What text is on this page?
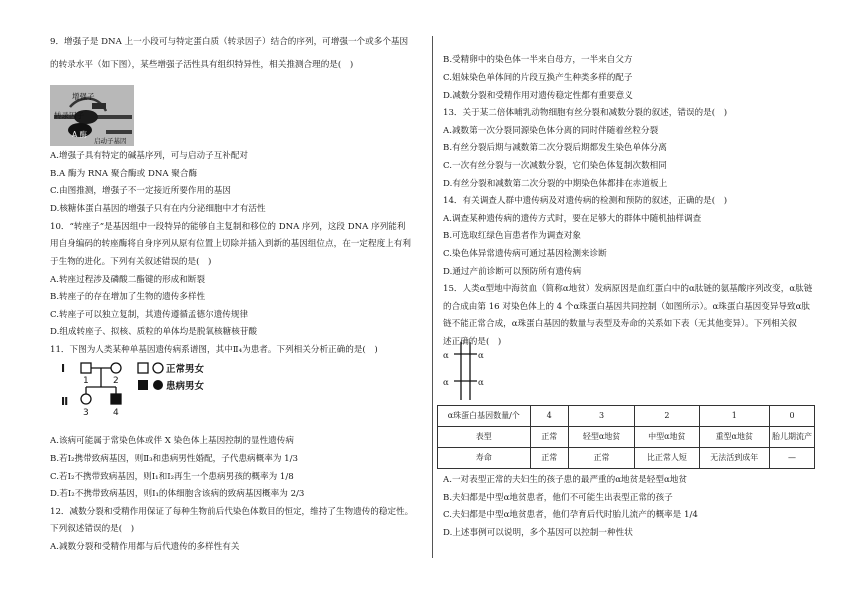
9．增强子是 DNA 上一小段可与特定蛋白质（转录因子）结合的序列，可增强一个或多个基因
的转录水平（如下图），某些增强子活性具有组织特异性，相关推测合理的是(　)
增强子
转录因子
A 酶
启动子基因
A.增强子具有特定的碱基序列，可与启动子互补配对
B.A 酶为 RNA 聚合酶或 DNA 聚合酶
C.由图推测，增强子不一定接近所要作用的基因
D.核糖体蛋白基因的增强子只有在内分泌细胞中才有活性
10．“转座子”是基因组中一段特异的能够自主复制和移位的 DNA 序列，这段 DNA 序列能利
用自身编码的转座酶将自身序列从原有位置上切除并插入到新的基因组位点，在一定程度上有利
于生物的进化。下列有关叙述错误的是(　)
A.转座过程涉及磷酸二酯键的形成和断裂
B.转座子的存在增加了生物的遗传多样性
C.转座子可以独立复制，其遗传遵循孟德尔遗传规律
D.组成转座子、拟核、质粒的单体均是脱氧核糖核苷酸
11．下图为人类某种单基因遗传病系谱图，其中Ⅱ₄为患者。下列相关分析正确的是(　)
Ⅰ
Ⅱ
1	2
3	4
正常男女
患病男女
A.该病可能属于常染色体或伴 X 染色体上基因控制的显性遗传病
B.若Ⅰ₂携带致病基因，则Ⅱ₃和患病男性婚配，子代患病概率为 1/3
C.若Ⅰ₂不携带致病基因，则Ⅰ₁和Ⅰ₂再生一个患病男孩的概率为 1/8
D.若Ⅰ₂不携带致病基因，则Ⅰ₁的体细胞含该病的致病基因概率为 2/3
12．减数分裂和受精作用保证了每种生物前后代染色体数目的恒定，维持了生物遗传的稳定性。
下列叙述错误的是(　)
A.减数分裂和受精作用都与后代遗传的多样性有关
B.受精卵中的染色体一半来自母方，一半来自父方
C.姐妹染色单体间的片段互换产生种类多样的配子
D.减数分裂和受精作用对遗传稳定性都有重要意义
13．关于某二倍体哺乳动物细胞有丝分裂和减数分裂的叙述，错误的是(　)
A.减数第一次分裂同源染色体分离的同时伴随着丝粒分裂
B.有丝分裂后期与减数第二次分裂后期都发生染色单体分离
C.一次有丝分裂与一次减数分裂，它们染色体复制次数相同
D.有丝分裂和减数第二次分裂的中期染色体都排在赤道板上
14．有关调查人群中遗传病及对遗传病的检测和预防的叙述，正确的是(　)
A.调查某种遗传病的遗传方式时，要在足够大的群体中随机抽样调查
B.可选取红绿色盲患者作为调查对象
C.染色体异常遗传病可通过基因检测来诊断
D.通过产前诊断可以预防所有遗传病
15．人类α型地中海贫血（简称α地贫）发病原因是血红蛋白中的α肽链的氨基酸序列改变，α肽链
的合成由第 16 对染色体上的 4 个α珠蛋白基因共同控制（如图所示）。α珠蛋白基因变异导致α肽
链不能正常合成，α珠蛋白基因的数量与表型及寿命的关系如下表（无其他变异）。下列相关叙
述正确的是(　)
α
α
α
α
α珠蛋白基因数量/个	4	3	2	1	0
表型	正常	轻型α地贫	中型α地贫	重型α地贫	胎儿期流产
寿命	正常	正常	比正常人短	无法活到成年	—
A.一对表型正常的夫妇生的孩子患的最严重的α地贫是轻型α地贫
B.夫妇都是中型α地贫患者，他们不可能生出表型正常的孩子
C.夫妇都是中型α地贫患者，他们孕育后代时胎儿流产的概率是 1/4
D.上述事例可以说明，多个基因可以控制一种性状
